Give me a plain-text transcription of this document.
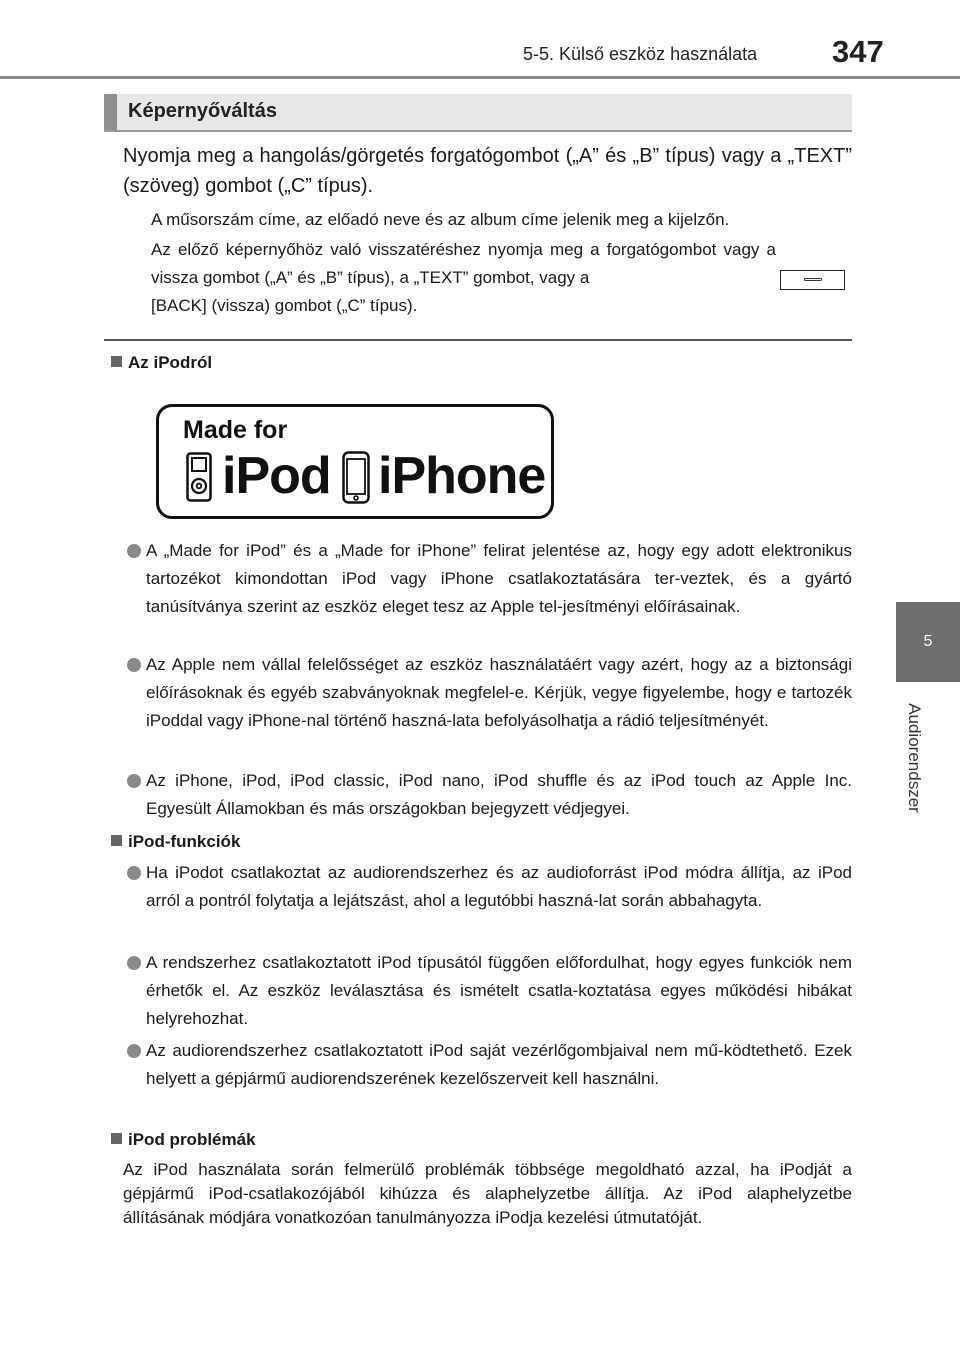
5-5. Külső eszköz használata 347
5
Audiorendszer
Képernyőváltás

Nyomja meg a hangolás/görgetés forgatógombot („A” és „B” típus) vagy a „TEXT” (szöveg) gombot („C” típus).

A műsorszám címe, az előadó neve és az album címe jelenik meg a kijelzőn.

Az előző képernyőhöz való visszatéréshez nyomja meg a forgatógombot vagy a vissza gombot („A” és „B” típus), a „TEXT” gombot, vagy a

[BACK] (vissza) gombot („C” típus).

Az iPodról
Made for
iPod iPhone

A „Made for iPod” és a „Made for iPhone” felirat jelentése az, hogy egy adott elektronikus tartozékot kimondottan iPod vagy iPhone csatlakoztatására ter-veztek, és a gyártó tanúsítványa szerint az eszköz eleget tesz az Apple tel-jesítményi előírásainak.

Az Apple nem vállal felelősséget az eszköz használatáért vagy azért, hogy az a biztonsági előírásoknak és egyéb szabványoknak megfelel-e. Kérjük, vegye figyelembe, hogy e tartozék iPoddal vagy iPhone-nal történő haszná-lata befolyásolhatja a rádió teljesítményét.

Az iPhone, iPod, iPod classic, iPod nano, iPod shuffle és az iPod touch az Apple Inc. Egyesült Államokban és más országokban bejegyzett védjegyei.

iPod-funkciók

Ha iPodot csatlakoztat az audiorendszerhez és az audioforrást iPod módra állítja, az iPod arról a pontról folytatja a lejátszást, ahol a legutóbbi haszná-lat során abbahagyta.

A rendszerhez csatlakoztatott iPod típusától függően előfordulhat, hogy egyes funkciók nem érhetők el. Az eszköz leválasztása és ismételt csatla-koztatása egyes működési hibákat helyrehozhat.

Az audiorendszerhez csatlakoztatott iPod saját vezérlőgombjaival nem mű-ködtethető. Ezek helyett a gépjármű audiorendszerének kezelőszerveit kell használni.

iPod problémák

Az iPod használata során felmerülő problémák többsége megoldható azzal, ha iPodját a gépjármű iPod-csatlakozójából kihúzza és alaphelyzetbe állítja. Az iPod alaphelyzetbe állításának módjára vonatkozóan tanulmányozza iPodja kezelési útmutatóját.
